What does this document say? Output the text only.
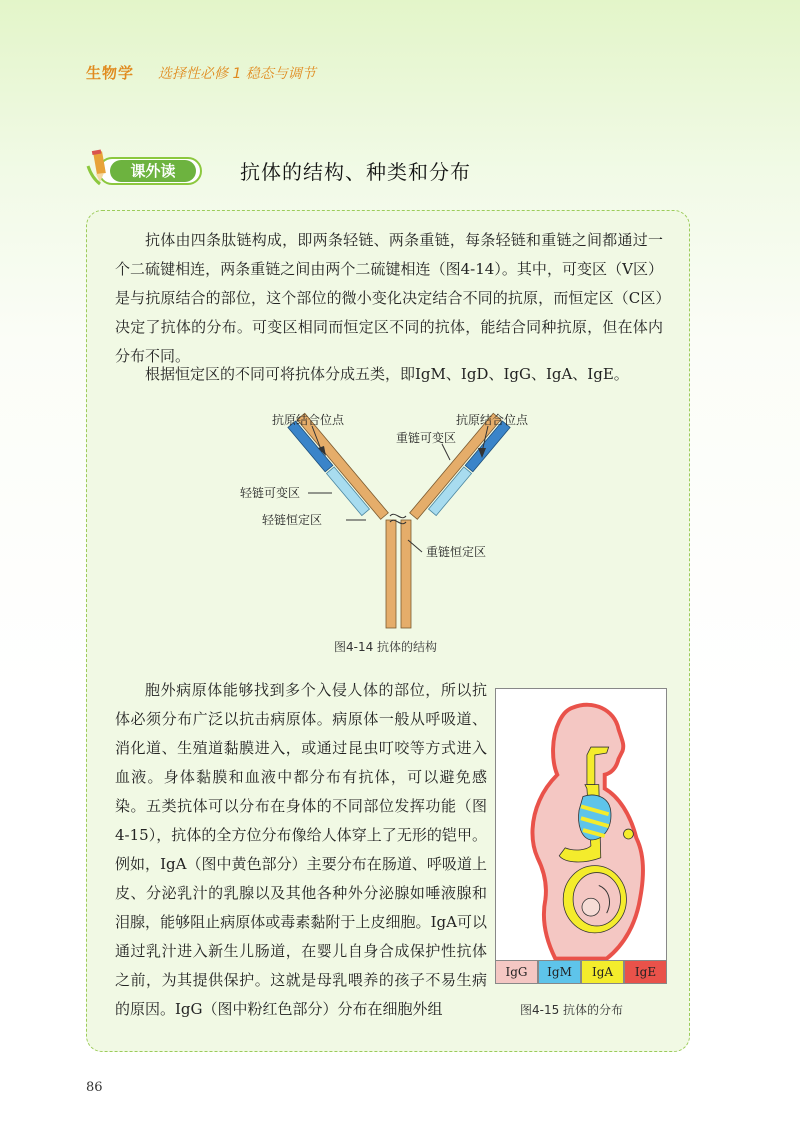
生物学 选择性必修 1 稳态与调节
课外读	抗体的结构、种类和分布

抗体由四条肽链构成，即两条轻链、两条重链，每条轻链和重链之间都通过一个二硫键相连，两条重链之间由两个二硫键相连（图4-14）。其中，可变区（V区）是与抗原结合的部位，这个部位的微小变化决定结合不同的抗原，而恒定区（C区）决定了抗体的分布。可变区相同而恒定区不同的抗体，能结合同种抗原，但在体内分布不同。

根据恒定区的不同可将抗体分成五类，即IgM、IgD、IgG、IgA、IgE。

抗原结合位点	抗原结合位点
重链可变区
轻链可变区
轻链恒定区
重链恒定区
图4-14 抗体的结构

胞外病原体能够找到多个入侵人体的部位，所以抗体必须分布广泛以抗击病原体。病原体一般从呼吸道、消化道、生殖道黏膜进入，或通过昆虫叮咬等方式进入血液。身体黏膜和血液中都分布有抗体，可以避免感染。五类抗体可以分布在身体的不同部位发挥功能（图4-15），抗体的全方位分布像给人体穿上了无形的铠甲。例如，IgA（图中黄色部分）主要分布在肠道、呼吸道上皮、分泌乳汁的乳腺以及其他各种外分泌腺如唾液腺和泪腺，能够阻止病原体或毒素黏附于上皮细胞。IgA可以通过乳汁进入新生儿肠道，在婴儿自身合成保护性抗体之前，为其提供保护。这就是母乳喂养的孩子不易生病的原因。IgG（图中粉红色部分）分布在细胞外组

IgG	IgM	IgA	IgE
图4-15 抗体的分布
86
